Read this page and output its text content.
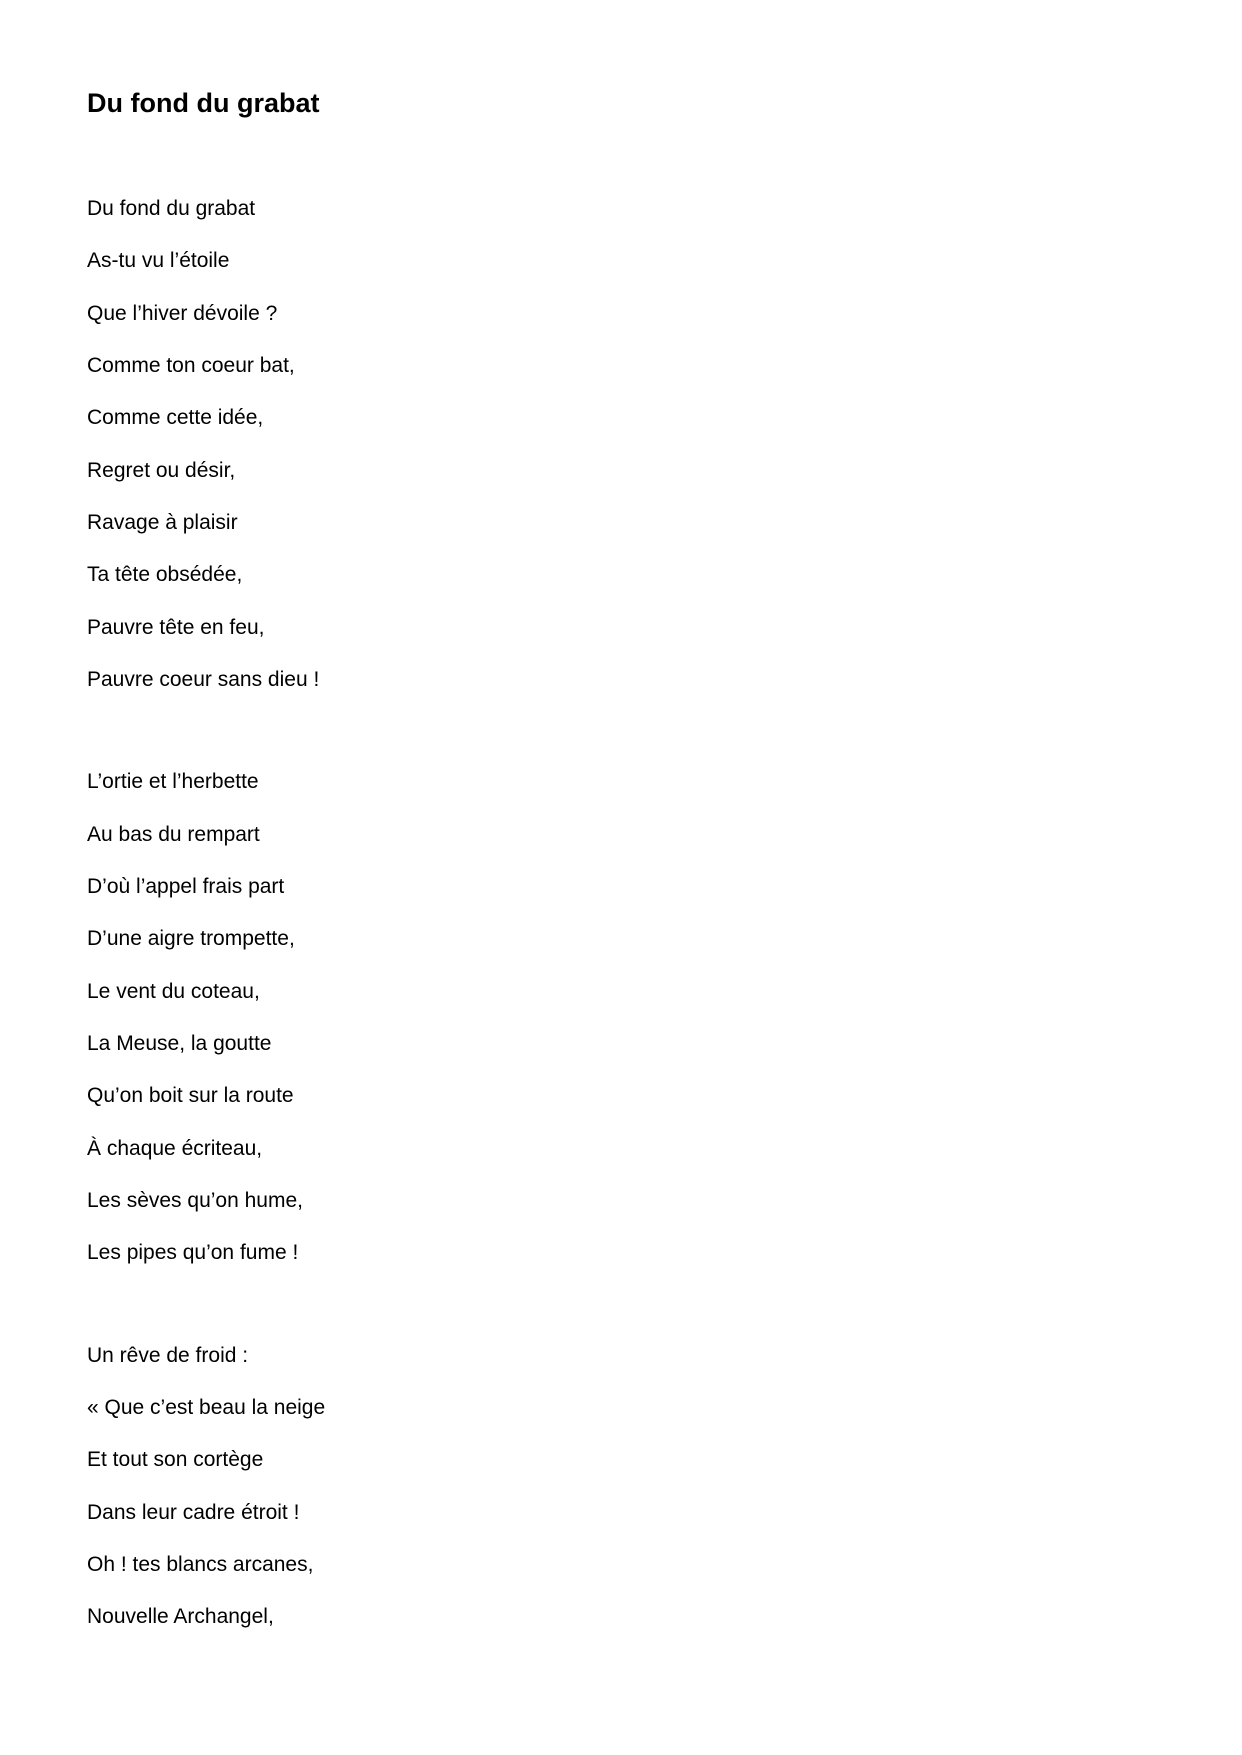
Du fond du grabat

Du fond du grabat

As-tu vu l’étoile

Que l’hiver dévoile ?

Comme ton coeur bat,

Comme cette idée,

Regret ou désir,

Ravage à plaisir

Ta tête obsédée,

Pauvre tête en feu,

Pauvre coeur sans dieu !

L’ortie et l’herbette

Au bas du rempart

D’où l’appel frais part

D’une aigre trompette,

Le vent du coteau,

La Meuse, la goutte

Qu’on boit sur la route

À chaque écriteau,

Les sèves qu’on hume,

Les pipes qu’on fume !

Un rêve de froid :

« Que c’est beau la neige

Et tout son cortège

Dans leur cadre étroit !

Oh ! tes blancs arcanes,

Nouvelle Archangel,
